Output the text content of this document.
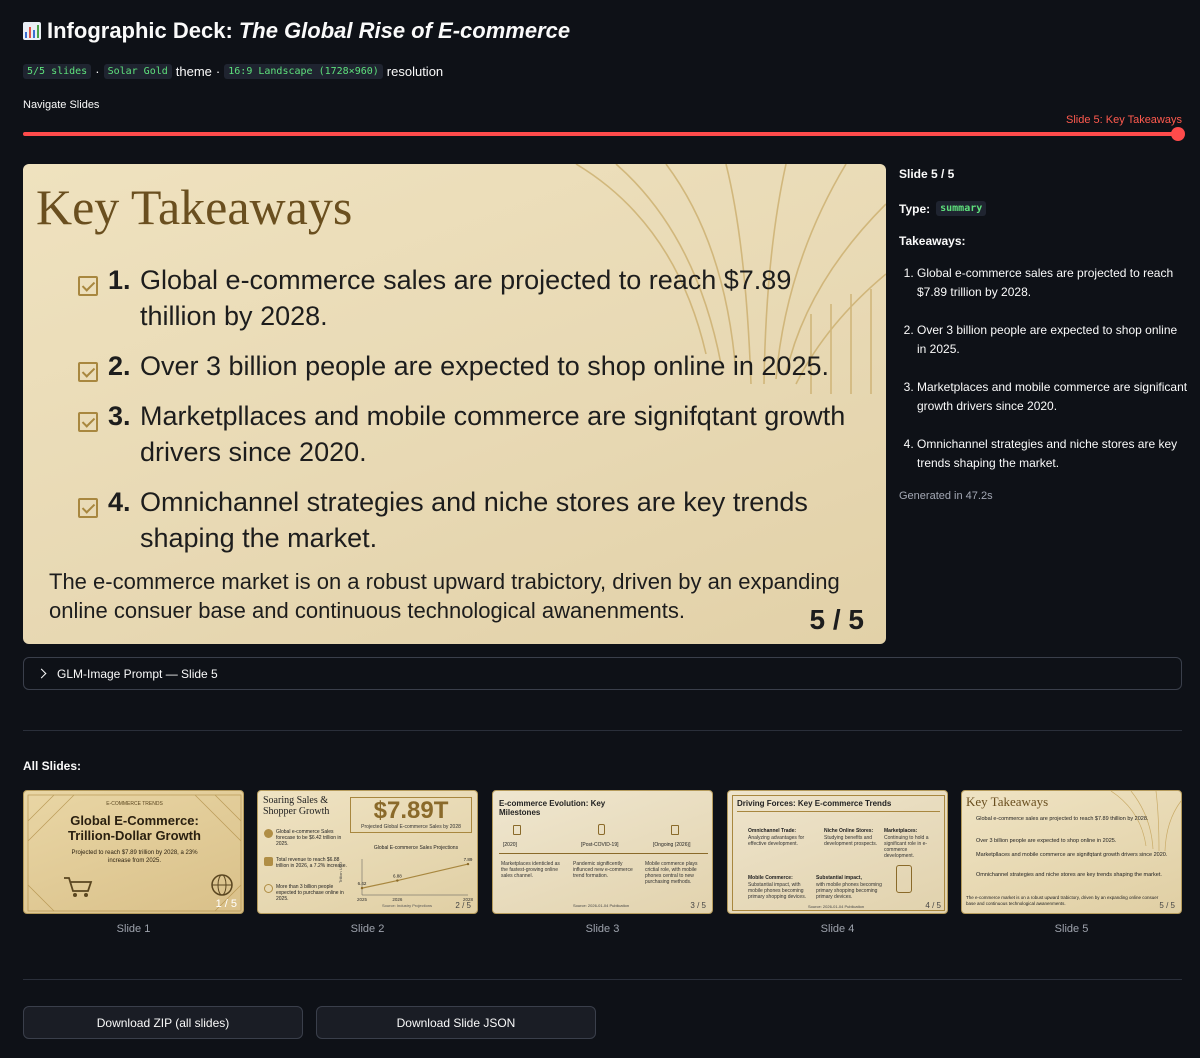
Infographic Deck: The Global Rise of E-commerce
5/5 slides · Solar Gold theme · 16:9 Landscape (1728×960) resolution
Navigate Slides
Slide 5: Key Takeaways
Key Takeaways
1. Global e-commerce sales are projected to reach $7.89 thillion by 2028.
2. Over 3 billion people are expected to shop online in 2025.
3. Marketpllaces and mobile commerce are signifqtant growth drivers since 2020.
4. Omnichannel strategies and niche stores are key trends shaping the market.
The e-commerce market is on a robust upward trabictory, driven by an expanding online consuer base and continuous technological awanenments.	5 / 5
Slide 5 / 5
Type:	summary
Takeaways:
1. Global e-commerce sales are projected to reach $7.89 trillion by 2028.
2. Over 3 billion people are expected to shop online in 2025.
3. Marketplaces and mobile commerce are significant growth drivers since 2020.
4. Omnichannel strategies and niche stores are key trends shaping the market.
Generated in 47.2s
GLM-Image Prompt — Slide 5
All Slides:
E-COMMERCE TRENDS
Global E-Commerce: Trillion-Dollar Growth
Projected to reach $7.89 trillion by 2028, a 23% increase from 2025.
1 / 5
Slide 1
Soaring Sales & Shopper Growth	$7.89T
Projected Global E-commerce Sales by 2028
Global e-commerce Sales forecase to be $6.42 trillion in 2025.
Total revenue to reach $6.88 trillion in 2026, a 7.2% increase.
More than 3 billion people expected to purchase online in 2025.
Global E-commerce Sales Projections
6.42
2025
6.88
2026
7.89
2028
Trillion USD
Source: Industry Projections	2 / 5
Slide 2
E-commerce Evolution: Key Milestones
[2020]	[Post-COVID-19]	[Ongoing (2026)]
Marketplaces identicled as the fastest-growing online sales channel.
Pandemic significently influnced new e-commerce trend formation.
Mobile commerce plays crictial role, with mobile phones central to new purchasing methods.
Source: 2026-01-04 Publication	3 / 5
Slide 3
Driving Forces: Key E-commerce Trends
Omnichannel Trade:
Analyzing advantages for effective development.
Niche Online Stores:
Studying benefits and development prospects.
Marketplaces:
Continuing to hold a significant role in e-commerce development.
Mobile Commerce:
Substantial impact, with mobile phones becoming primary shopping devices.
Substantial impact,
with mobile phones becoming primary shopping becoming primary devices.
Source: 2026-01-04 Publication	4 / 5
Slide 4
Key Takeaways
Global e-commerce sales are projected to reach $7.89 thillion by 2028.
Over 3 billion people are expected to shop online in 2025.
Marketpllaces and mobile commerce are signifqtant growth drivers since 2020.
Omnichannel strategies and niche stores are key trends shaping the market.
The e-commerce market is on a robust upward trabictory, driven by an expanding online consuer base and continuous technological awanenments.	5 / 5
Slide 5
Download ZIP (all slides)	Download Slide JSON
